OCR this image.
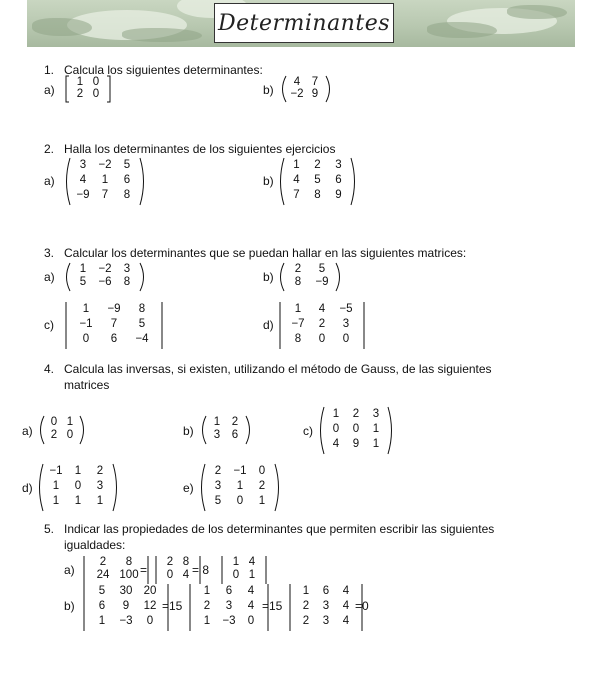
Determinantes
1. Calcula los siguientes determinantes:
a)
1 0
2 0	b)
4	7
−2 9
2. Halla los determinantes de los siguientes ejercicios
a)
3	−2	5
4	1	6
−9	7	8
b)
1	2	3
4	5	6
7	8	9
3. Calcular los determinantes que se puedan hallar en las siguientes matrices:
a)
1	−2	3
5	−6	8	b)
2	5
8	−9
c)
1	−9	8
−1	7	5
0	6	−4
d)
1	4	−5
−7	2	3
8	0	0
4. Calcula las inversas, si existen, utilizando el método de Gauss, de las siguientes
matrices
a)
0 1
2 0	b)
1	2
3	6	c)
1	2	3
0	0	1
4	9	1
d)
−1	1	2
1	0	3
1	1	1
e)
2	−1	0
3	1	2
5	0	1
5. Indicar las propiedades de los determinantes que permiten escribir las siguientes
igualdades:
a)
2	8
24 100 =
2 8
0 4 = 8
1 4
0 1
b)
5	30 20
6	9	12
1	−3	0
=15
1	6	4
2	3	4
1	−3	0
=15
1	6	4
2	3	4
2	3	4
=0
